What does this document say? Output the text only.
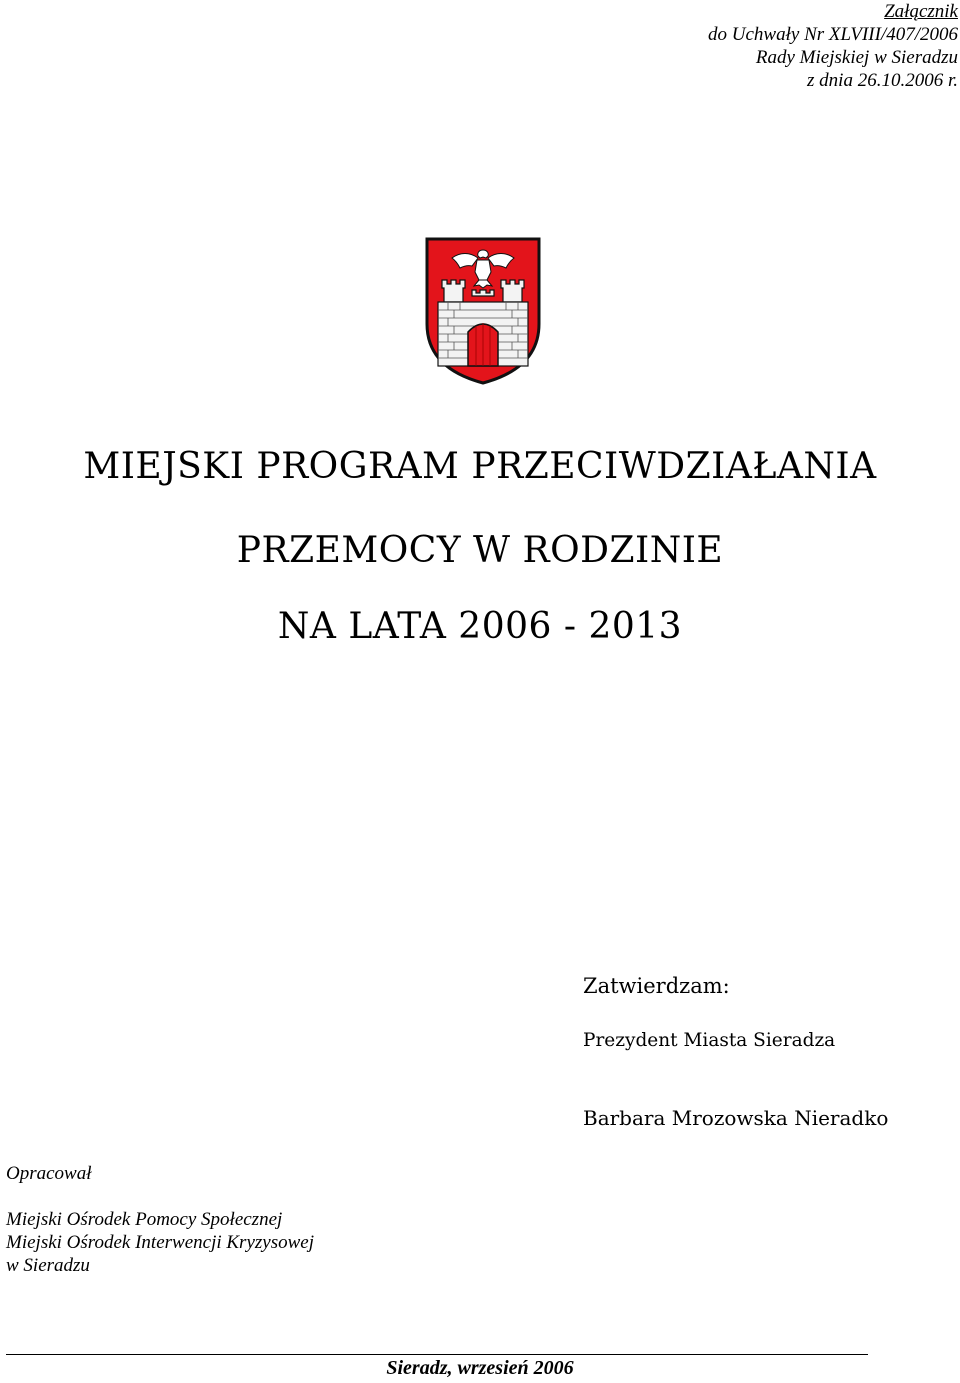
Załącznik
do Uchwały Nr XLVIII/407/2006
Rady Miejskiej w Sieradzu
z dnia 26.10.2006 r.
MIEJSKI PROGRAM PRZECIWDZIAŁANIA
PRZEMOCY W RODZINIE
NA LATA 2006 - 2013
Zatwierdzam:
Prezydent Miasta Sieradza
Barbara Mrozowska Nieradko
Opracował
Miejski Ośrodek Pomocy Społecznej
Miejski Ośrodek Interwencji Kryzysowej
w Sieradzu
Sieradz, wrzesień 2006
